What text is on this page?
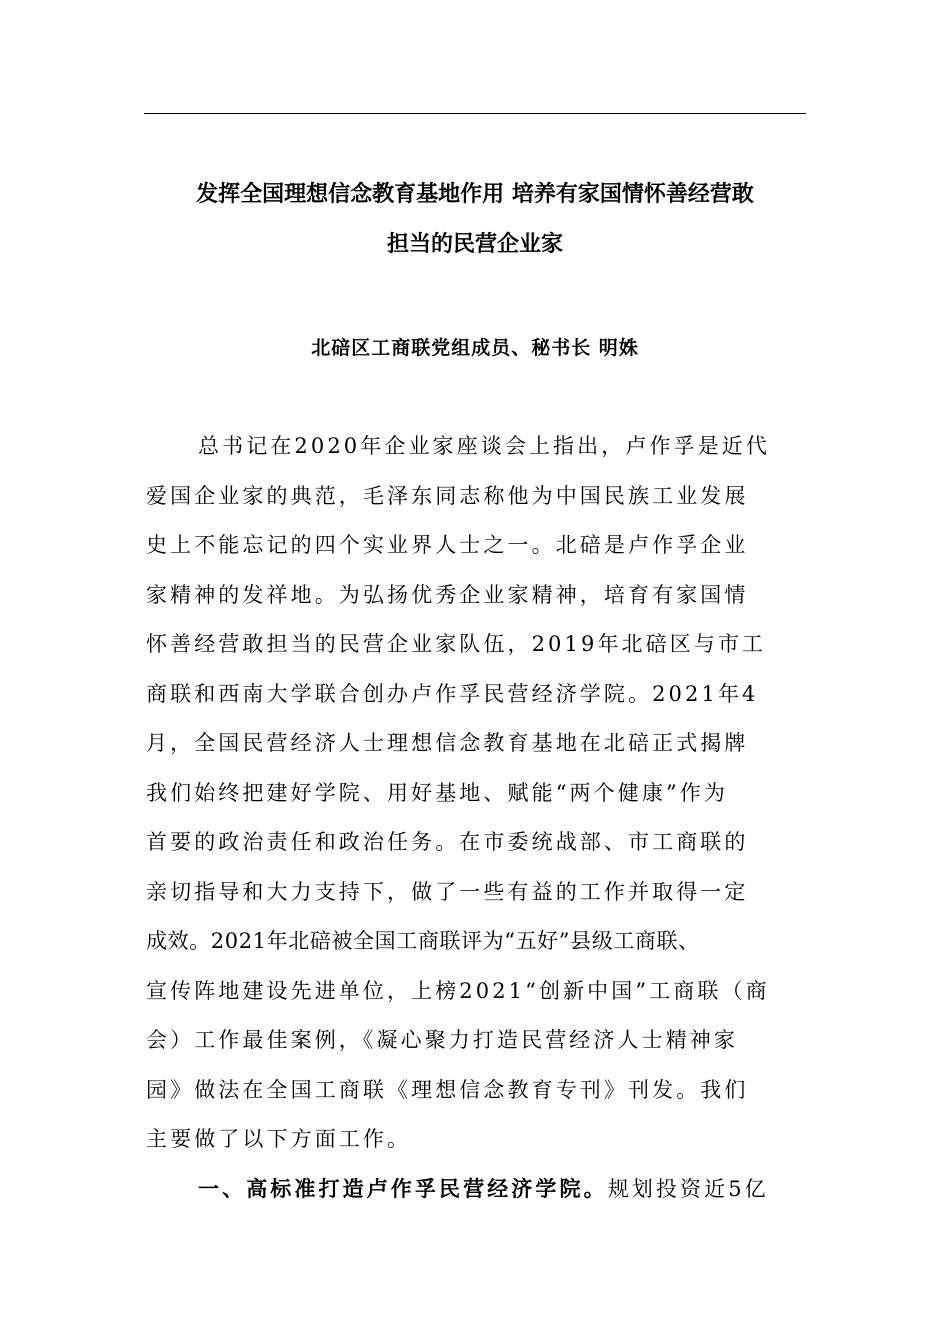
发挥全国理想信念教育基地作用 培养有家国情怀善经营敢
担当的民营企业家

北碚区工商联党组成员、秘书长 明姝

总书记在2020年企业家座谈会上指出，卢作孚是近代
爱国企业家的典范，毛泽东同志称他为中国民族工业发展
史上不能忘记的四个实业界人士之一。北碚是卢作孚企业
家精神的发祥地。为弘扬优秀企业家精神，培育有家国情
怀善经营敢担当的民营企业家队伍，2019年北碚区与市工
商联和西南大学联合创办卢作孚民营经济学院。2021年4
月，全国民营经济人士理想信念教育基地在北碚正式揭牌
我们始终把建好学院、用好基地、赋能“两个健康”作为
首要的政治责任和政治任务。在市委统战部、市工商联的
亲切指导和大力支持下，做了一些有益的工作并取得一定
成效。2021年北碚被全国工商联评为“五好”县级工商联、
宣传阵地建设先进单位，上榜2021“创新中国”工商联（商
会）工作最佳案例，《凝心聚力打造民营经济人士精神家
园》做法在全国工商联《理想信念教育专刊》刊发。我们
主要做了以下方面工作。
一、高标准打造卢作孚民营经济学院。规划投资近5亿
